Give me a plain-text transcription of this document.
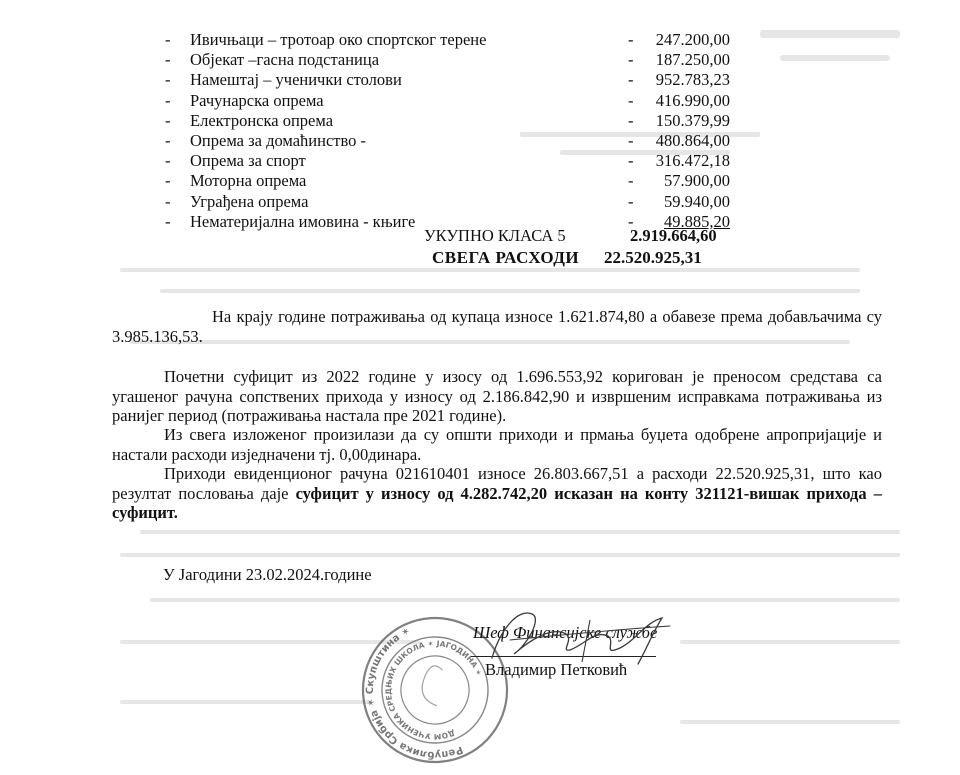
- Ивичњаци – тротоар око спортског терене	- 247.200,00
- Објекат –гасна подстаница	- 187.250,00
- Намештај – ученички столови	- 952.783,23
- Рачунарска опрема	- 416.990,00
- Електронска опрема	- 150.379,99
- Опрема за домаћинство -	- 480.864,00
- Опрема за спорт	- 316.472,18
- Моторна опрема	- 57.900,00
- Уграђена опрема	- 59.940,00
- Нематеријална имовина - књиге	- 49.885,20
УКУПНО КЛАСА 5	2.919.664,60
СВЕГА РАСХОДИ 22.520.925,31
На крају године потраживања од купаца износе 1.621.874,80 а обавезе према добављачима су 3.985.136,53.
Почетни суфицит из 2022 године у изосу од 1.696.553,92 коригован је преносом средстава са угашеног рачуна сопствених прихода у износу од 2.186.842,90 и извршеним исправкама потраживања из ранијег период (потраживања настала пре 2021 године).
Из свега изложеног произилази да су општи приходи и прмања буџета одобрене апропријације и настали расходи изједначени тј. 0,00динара.
Приходи евиденционог рачуна 021610401 износе 26.803.667,51 а расходи 22.520.925,31, што као резултат пословања даје суфицит у износу од 4.282.742,20 исказан на конту 321121-вишак прихода – суфицит.
У Јагодини 23.02.2024.године
Република Србија ✶ Скупштина ✶
ДОМ УЧЕНИКА СРЕДЊИХ ШКОЛА ✶ ЈАГОДИНА ✶
Шеф Финансијске службе
Владимир Петковић
